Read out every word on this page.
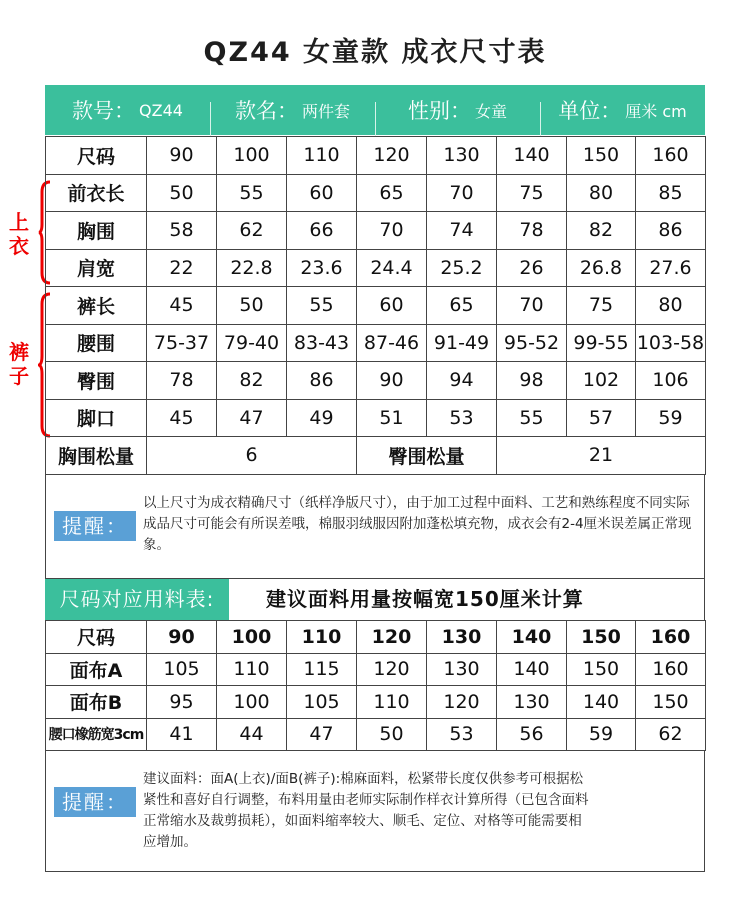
QZ44 女童款 成衣尺寸表
款号： QZ44 款名： 两件套	性别： 女童 单位： 厘米 cm
上衣
裤子
尺码	90	100	110	120	130	140	150	160
前衣长	50	55	60	65	70	75	80	85
胸围	58	62	66	70	74	78	82	86
肩宽	22	22.8	23.6	24.4	25.2	26	26.8	27.6
裤长	45	50	55	60	65	70	75	80
腰围	75-37	79-40	83-43	87-46	91-49	95-52	99-55	103-58
臀围	78	82	86	90	94	98	102	106
脚口	45	47	49	51	53	55	57	59
胸围松量	6			臀围松量		21		
提醒：
以上尺寸为成衣精确尺寸（纸样净版尺寸），由于加工过程中面料、工艺和熟练程度不同实际成品尺寸可能会有所误差哦，棉服羽绒服因附加蓬松填充物，成衣会有2-4厘米误差属正常现象。
尺码对应用料表:	建议面料用量按幅宽150厘米计算
尺码	90	100	110	120	130	140	150	160
面布A	105	110	115	120	130	140	150	160
面布B	95	100	105	110	120	130	140	150
腰口橡筋宽3cm	41	44	47	50	53	56	59	62
提醒：
建议面料：面A(上衣)/面B(裤子):棉麻面料，松紧带长度仅供参考可根据松
紧性和喜好自行调整，布料用量由老师实际制作样衣计算所得（已包含面料
正常缩水及裁剪损耗），如面料缩率较大、顺毛、定位、对格等可能需要相
应增加。
